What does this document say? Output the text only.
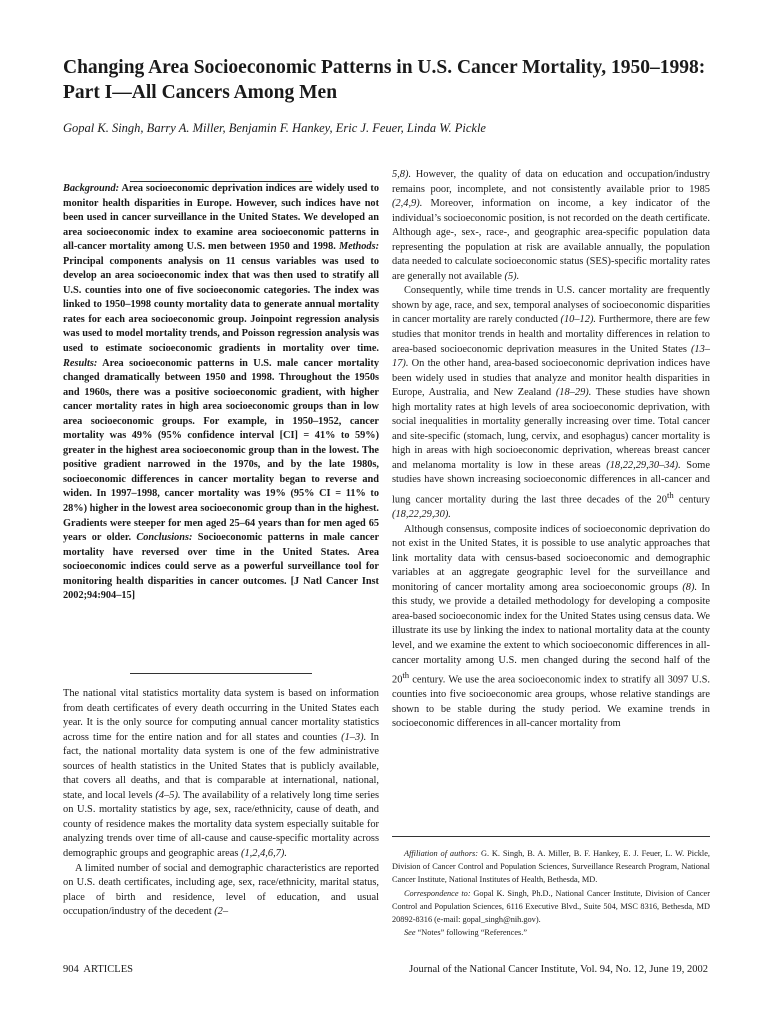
Changing Area Socioeconomic Patterns in U.S. Cancer Mortality, 1950–1998: Part I—All Cancers Among Men

Gopal K. Singh, Barry A. Miller, Benjamin F. Hankey, Eric J. Feuer, Linda W. Pickle

Background: Area socioeconomic deprivation indices are widely used to monitor health disparities in Europe. However, such indices have not been used in cancer surveillance in the United States. We developed an area socioeconomic index to examine area socioeconomic patterns in all-cancer mortality among U.S. men between 1950 and 1998. Methods: Principal components analysis on 11 census variables was used to develop an area socioeconomic index that was then used to stratify all U.S. counties into one of five socioeconomic categories. The index was linked to 1950–1998 county mortality data to generate annual mortality rates for each area socioeconomic group. Joinpoint regression analysis was used to model mortality trends, and Poisson regression analysis was used to estimate socioeconomic gradients in mortality over time. Results: Area socioeconomic patterns in U.S. male cancer mortality changed dramatically between 1950 and 1998. Throughout the 1950s and 1960s, there was a positive socioeconomic gradient, with higher cancer mortality rates in high area socioeconomic groups than in low area socioeconomic groups. For example, in 1950–1952, cancer mortality was 49% (95% confidence interval [CI] = 41% to 59%) greater in the highest area socioeconomic group than in the lowest. The positive gradient narrowed in the 1970s, and by the late 1980s, socioeconomic differences in cancer mortality began to reverse and widen. In 1997–1998, cancer mortality was 19% (95% CI = 11% to 28%) higher in the lowest area socioeconomic group than in the highest. Gradients were steeper for men aged 25–64 years than for men aged 65 years or older. Conclusions: Socioeconomic patterns in male cancer mortality have reversed over time in the United States. Area socioeconomic indices could serve as a powerful surveillance tool for monitoring health disparities in cancer outcomes. [J Natl Cancer Inst 2002;94:904–15]

The national vital statistics mortality data system is based on information from death certificates of every death occurring in the United States each year. It is the only source for computing annual cancer mortality statistics across time for the entire nation and for all states and counties (1–3). In fact, the national mortality data system is one of the few administrative sources of health statistics in the United States that is publicly available, that covers all deaths, and that is comparable at international, national, state, and local levels (4–5). The availability of a relatively long time series on U.S. mortality statistics by age, sex, race/ethnicity, cause of death, and county of residence makes the mortality data system especially suitable for analyzing trends over time of all-cause and cause-specific mortality across demographic groups and geographic areas (1,2,4,6,7).

A limited number of social and demographic characteristics are reported on U.S. death certificates, including age, sex, race/ethnicity, marital status, place of birth and residence, level of education, and usual occupation/industry of the decedent (2–

5,8). However, the quality of data on education and occupation/industry remains poor, incomplete, and not consistently available prior to 1985 (2,4,9). Moreover, information on income, a key indicator of the individual’s socioeconomic position, is not recorded on the death certificate. Although age-, sex-, race-, and geographic area-specific population data representing the population at risk are available annually, the population data needed to calculate socioeconomic status (SES)-specific mortality rates are generally not available (5).

Consequently, while time trends in U.S. cancer mortality are frequently shown by age, race, and sex, temporal analyses of socioeconomic disparities in cancer mortality are rarely conducted (10–12). Furthermore, there are few studies that monitor trends in health and mortality differences in relation to area-based socioeconomic deprivation measures in the United States (13–17). On the other hand, area-based socioeconomic deprivation indices have been widely used in studies that analyze and monitor health disparities in Europe, Australia, and New Zealand (18–29). These studies have shown high mortality rates at high levels of area socioeconomic deprivation, with social inequalities in mortality generally increasing over time. Total cancer and site-specific (stomach, lung, cervix, and esophagus) cancer mortality is high in areas with high socioeconomic deprivation, whereas breast cancer and melanoma mortality is low in these areas (18,22,29,30–34). Some studies have shown increasing socioeconomic differences in all-cancer and lung cancer mortality during the last three decades of the 20th century (18,22,29,30).

Although consensus, composite indices of socioeconomic deprivation do not exist in the United States, it is possible to use analytic approaches that link mortality data with census-based socioeconomic and demographic variables at an aggregate geographic level for the surveillance and monitoring of cancer mortality among area socioeconomic groups (8). In this study, we provide a detailed methodology for developing a composite area-based socioeconomic index for the United States using census data. We illustrate its use by linking the index to national mortality data at the county level, and we examine the extent to which socioeconomic differences in all-cancer mortality among U.S. men changed during the second half of the 20th century. We use the area socioeconomic index to stratify all 3097 U.S. counties into five socioeconomic area groups, whose relative standings are shown to be stable during the study period. We examine trends in socioeconomic differences in all-cancer mortality from

Affiliation of authors: G. K. Singh, B. A. Miller, B. F. Hankey, E. J. Feuer, L. W. Pickle, Division of Cancer Control and Population Sciences, Surveillance Research Program, National Cancer Institute, National Institutes of Health, Bethesda, MD.

Correspondence to: Gopal K. Singh, Ph.D., National Cancer Institute, Division of Cancer Control and Population Sciences, 6116 Executive Blvd., Suite 504, MSC 8316, Bethesda, MD 20892-8316 (e-mail: gopal_singh@nih.gov).

See “Notes” following “References.”

904  ARTICLES	Journal of the National Cancer Institute, Vol. 94, No. 12, June 19, 2002
